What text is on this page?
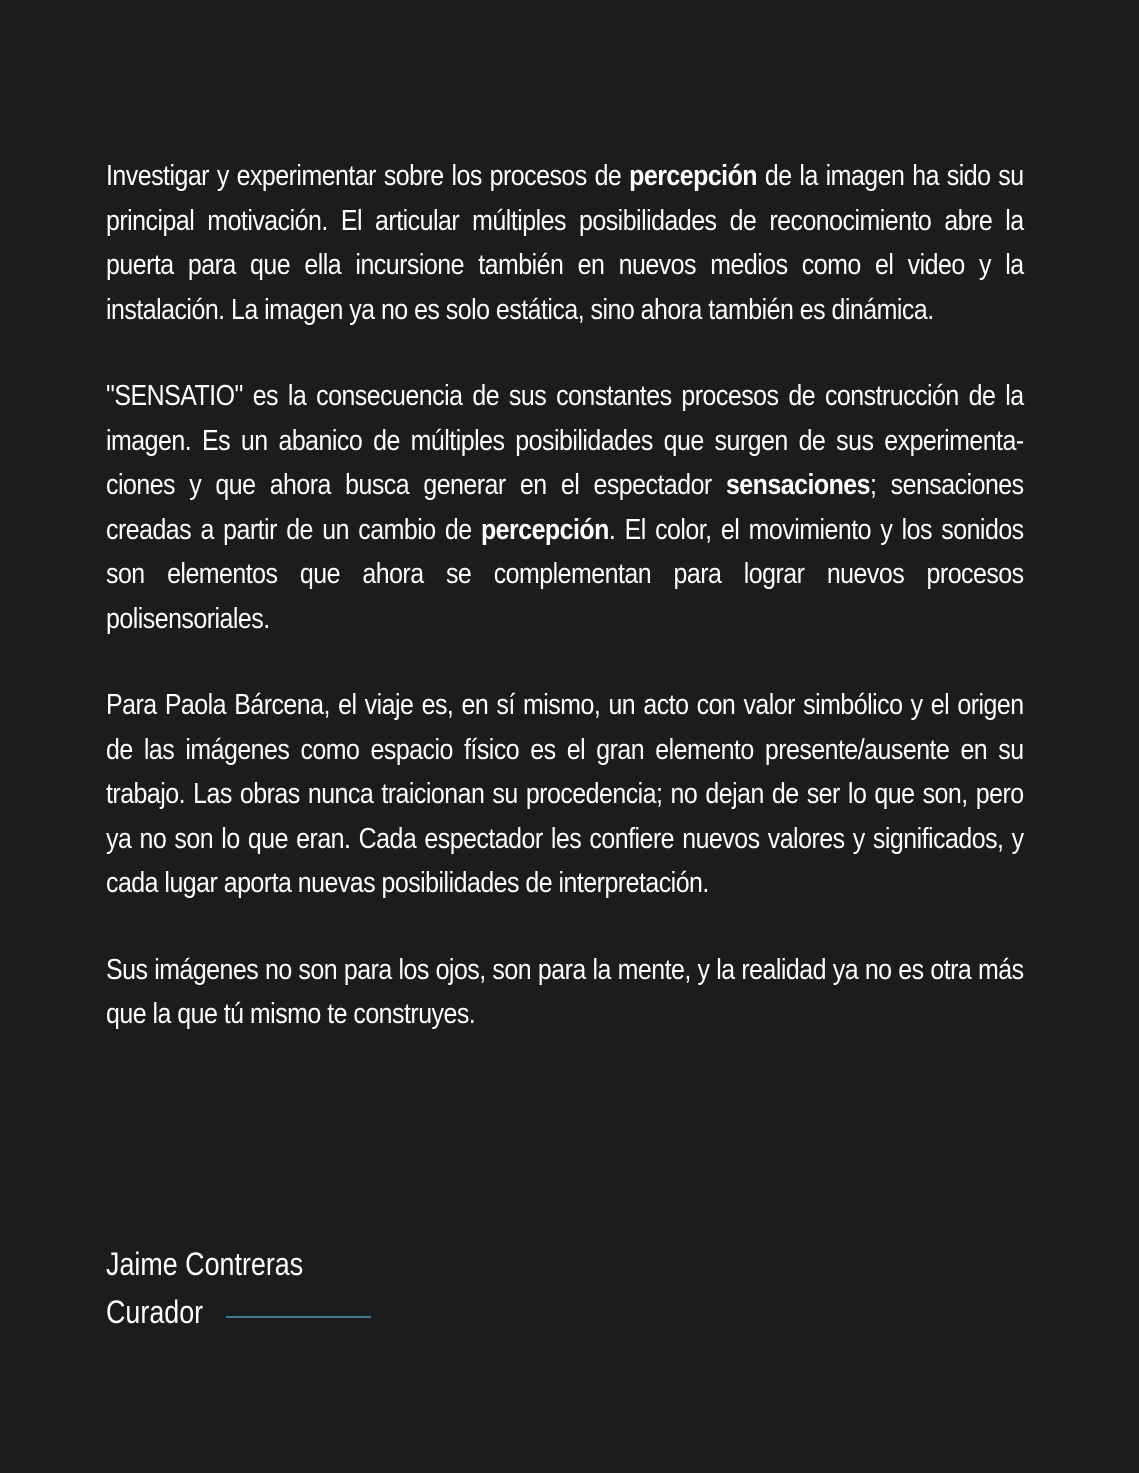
Investigar y experimentar sobre los procesos de percepción de la imagen ha sido su principal motivación. El articular múltiples posibilidades de reconocimiento abre la puerta para que ella incursione también en nuevos medios como el video y la instalación. La imagen ya no es solo estática, sino ahora también es dinámica.

"SENSATIO" es la consecuencia de sus constantes procesos de construcción de la imagen. Es un abanico de múltiples posibilidades que surgen de sus experimenta-ciones y que ahora busca generar en el espectador sensaciones; sensaciones creadas a partir de un cambio de percepción. El color, el movimiento y los sonidos son elementos que ahora se complementan para lograr nuevos procesos polisensoriales.

Para Paola Bárcena, el viaje es, en sí mismo, un acto con valor simbólico y el origen de las imágenes como espacio físico es el gran elemento presente/ausente en su trabajo. Las obras nunca traicionan su procedencia; no dejan de ser lo que son, pero ya no son lo que eran. Cada espectador les confiere nuevos valores y significados, y cada lugar aporta nuevas posibilidades de interpretación.

Sus imágenes no son para los ojos, son para la mente, y la realidad ya no es otra más que la que tú mismo te construyes.

Jaime Contreras
Curador
